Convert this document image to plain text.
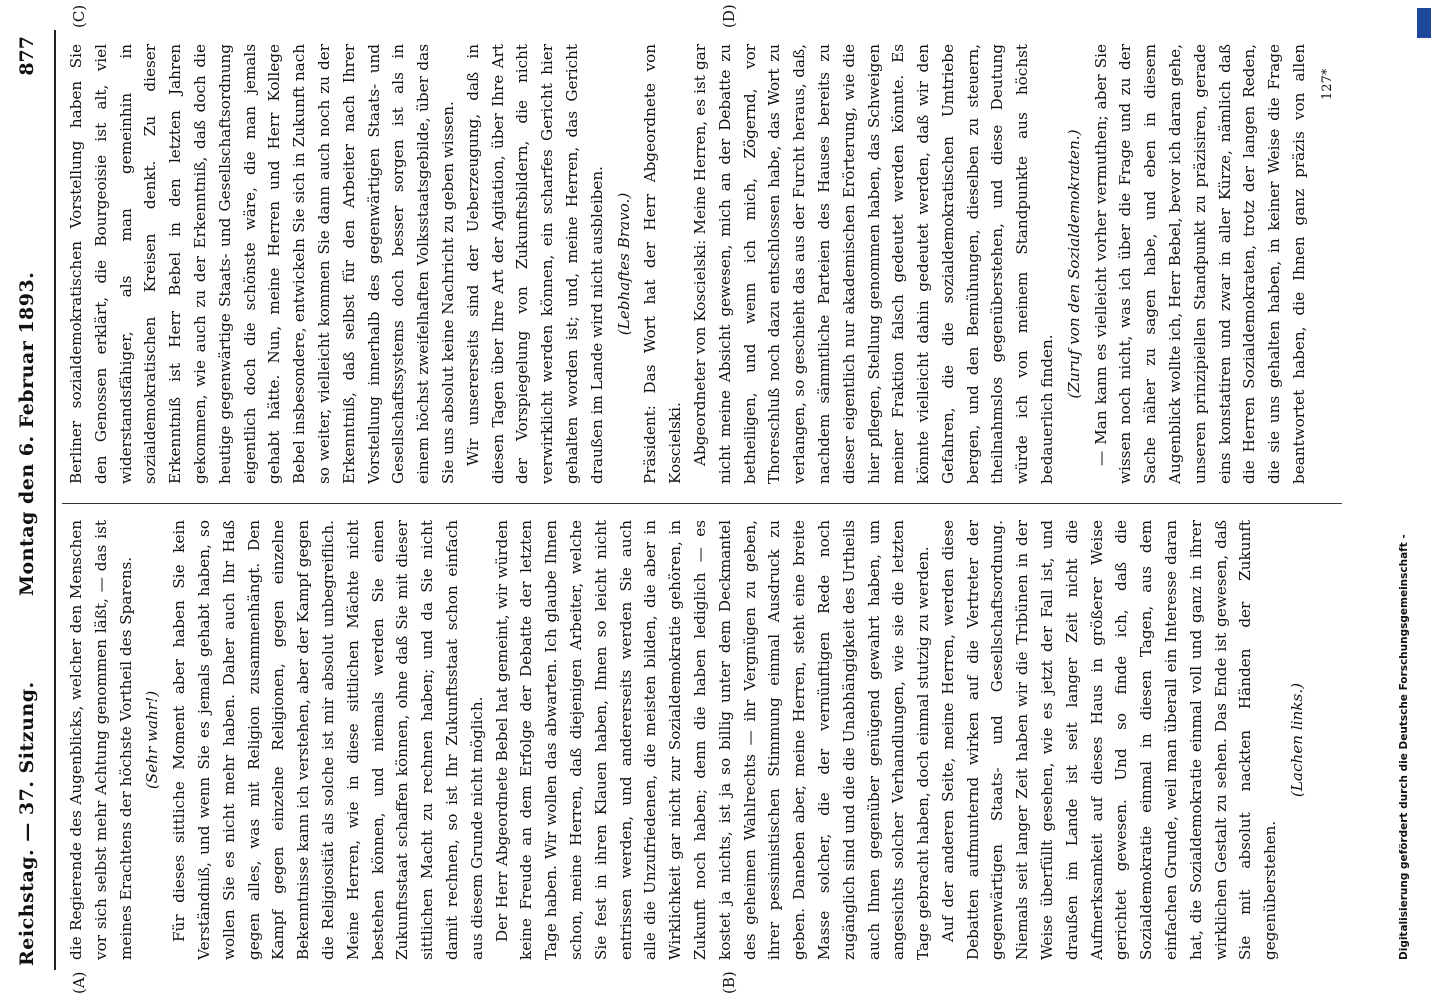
Reichstag. — 37. Sitzung.
Montag den 6. Februar 1893.
877
(A)	(B)
(C)	(D)

die Regierende des Augenblicks, welcher den Menschen vor sich selbst mehr Achtung genommen läßt, — das ist meines Erachtens der höchste Vortheil des Sparens. (Sehr wahr!) Für dieses sittliche Moment aber haben Sie kein Verständniß, und wenn Sie es jemals gehabt haben, so wollen Sie es nicht mehr haben. Daher auch Ihr Haß gegen alles, was mit Religion zusammenhängt. Den Kampf gegen einzelne Religionen, gegen einzelne Bekenntnisse kann ich verstehen, aber der Kampf gegen die Religiosität als solche ist mir absolut unbegreiflich. Meine Herren, wie in diese sittlichen Mächte nicht bestehen können, und niemals werden Sie einen Zukunftsstaat schaffen können, ohne daß Sie mit dieser sittlichen Macht zu rechnen haben; und da Sie nicht damit rechnen, so ist Ihr Zukunftsstaat schon einfach aus diesem Grunde nicht möglich. Der Herr Abgeordnete Bebel hat gemeint, wir würden keine Freude an dem Erfolge der Debatte der letzten Tage haben. Wir wollen das abwarten. Ich glaube Ihnen schon, meine Herren, daß diejenigen Arbeiter, welche Sie fest in ihren Klauen haben, Ihnen so leicht nicht entrissen werden, und andererseits werden Sie auch alle die Unzufriedenen, die meisten bilden, die aber in Wirklichkeit gar nicht zur Sozialdemokratie gehören, in Zukunft noch haben; denn die haben lediglich — es kostet ja nichts, ist ja so billig unter dem Deckmantel des geheimen Wahlrechts — ihr Vergnügen zu geben, ihrer pessimistischen Stimmung einmal Ausdruck zu geben. Daneben aber, meine Herren, steht eine breite Masse solcher, die der vernünftigen Rede noch zugänglich sind und die die Unabhängigkeit des Urtheils auch Ihnen gegenüber genügend gewahrt haben, um angesichts solcher Verhandlungen, wie sie die letzten Tage gebracht haben, doch einmal stutzig zu werden. Auf der anderen Seite, meine Herren, werden diese Debatten aufmunternd wirken auf die Vertreter der gegenwärtigen Staats- und Gesellschaftsordnung. Niemals seit langer Zeit haben wir die Tribünen in der Weise überfüllt gesehen, wie es jetzt der Fall ist, und draußen im Lande ist seit langer Zeit nicht die Aufmerksamkeit auf dieses Haus in größerer Weise gerichtet gewesen. Und so finde ich, daß die Sozialdemokratie einmal in diesen Tagen, aus dem einfachen Grunde, weil man überall ein Interesse daran hat, die Sozialdemokratie einmal voll und ganz in ihrer wirklichen Gestalt zu sehen. Das Ende ist gewesen, daß Sie mit absolut nackten Händen der Zukunft gegenüberstehen.

(Lachen links.)

Berliner sozialdemokratischen Vorstellung haben Sie den Genossen erklärt, die Bourgeoisie ist alt, viel widerstandsfähiger, als man gemeinhin in sozialdemokratischen Kreisen denkt. Zu dieser Erkenntniß ist Herr Bebel in den letzten Jahren gekommen, wie auch zu der Erkenntniß, daß doch die heutige gegenwärtige Staats- und Gesellschaftsordnung eigentlich doch die schönste wäre, die man jemals gehabt hätte. Nun, meine Herren und Herr Kollege Bebel insbesondere, entwickeln Sie sich in Zukunft nach so weiter, vielleicht kommen Sie dann auch noch zu der Erkenntniß, daß selbst für den Arbeiter nach Ihrer Vorstellung innerhalb des gegenwärtigen Staats- und Gesellschaftssystems doch besser sorgen ist als in einem höchst zweifelhaften Volksstaatsgebilde, über das Sie uns absolut keine Nachricht zu geben wissen. Wir unsererseits sind der Ueberzeugung, daß in diesen Tagen über Ihre Art der Agitation, über Ihre Art der Vorspiegelung von Zukunftsbildern, die nicht verwirklicht werden können, ein scharfes Gericht hier gehalten worden ist; und, meine Herren, das Gericht draußen im Lande wird nicht ausbleiben. (Lebhaftes Bravo.) Präsident: Das Wort hat der Herr Abgeordnete von Koscielski. Abgeordneter von Koscielski: Meine Herren, es ist gar nicht meine Absicht gewesen, mich an der Debatte zu betheiligen, und wenn ich mich, Zögernd, vor Thoreschluß noch dazu entschlossen habe, das Wort zu verlangen, so geschieht das aus der Furcht heraus, daß, nachdem sämmtliche Parteien des Hauses bereits zu dieser eigentlich nur akademischen Erörterung, wie die hier pflegen, Stellung genommen haben, das Schweigen meiner Fraktion falsch gedeutet werden könnte. Es könnte vielleicht dahin gedeutet werden, daß wir den Gefahren, die die sozialdemokratischen Umtriebe bergen, und den Bemühungen, dieselben zu steuern, theilnahmslos gegenüberstehen, und diese Deutung würde ich von meinem Standpunkte aus höchst bedauerlich finden.

(Zuruf von den Sozialdemokraten.)

— Man kann es vielleicht vorher vermuthen; aber Sie wissen noch nicht, was ich über die Frage und zu der Sache näher zu sagen habe, und eben in diesem Augenblick wollte ich, Herr Bebel, bevor ich daran gehe, unseren prinzipiellen Standpunkt zu präzisiren, gerade eins konstatiren und zwar in aller Kürze, nämlich daß die Herren Sozialdemokraten, trotz der langen Reden, die sie uns gehalten haben, in keiner Weise die Frage beantwortet haben, die Ihnen ganz präzis von allen

127*
Digitalisierung gefördert durch die Deutsche Forschungsgemeinschaft -
